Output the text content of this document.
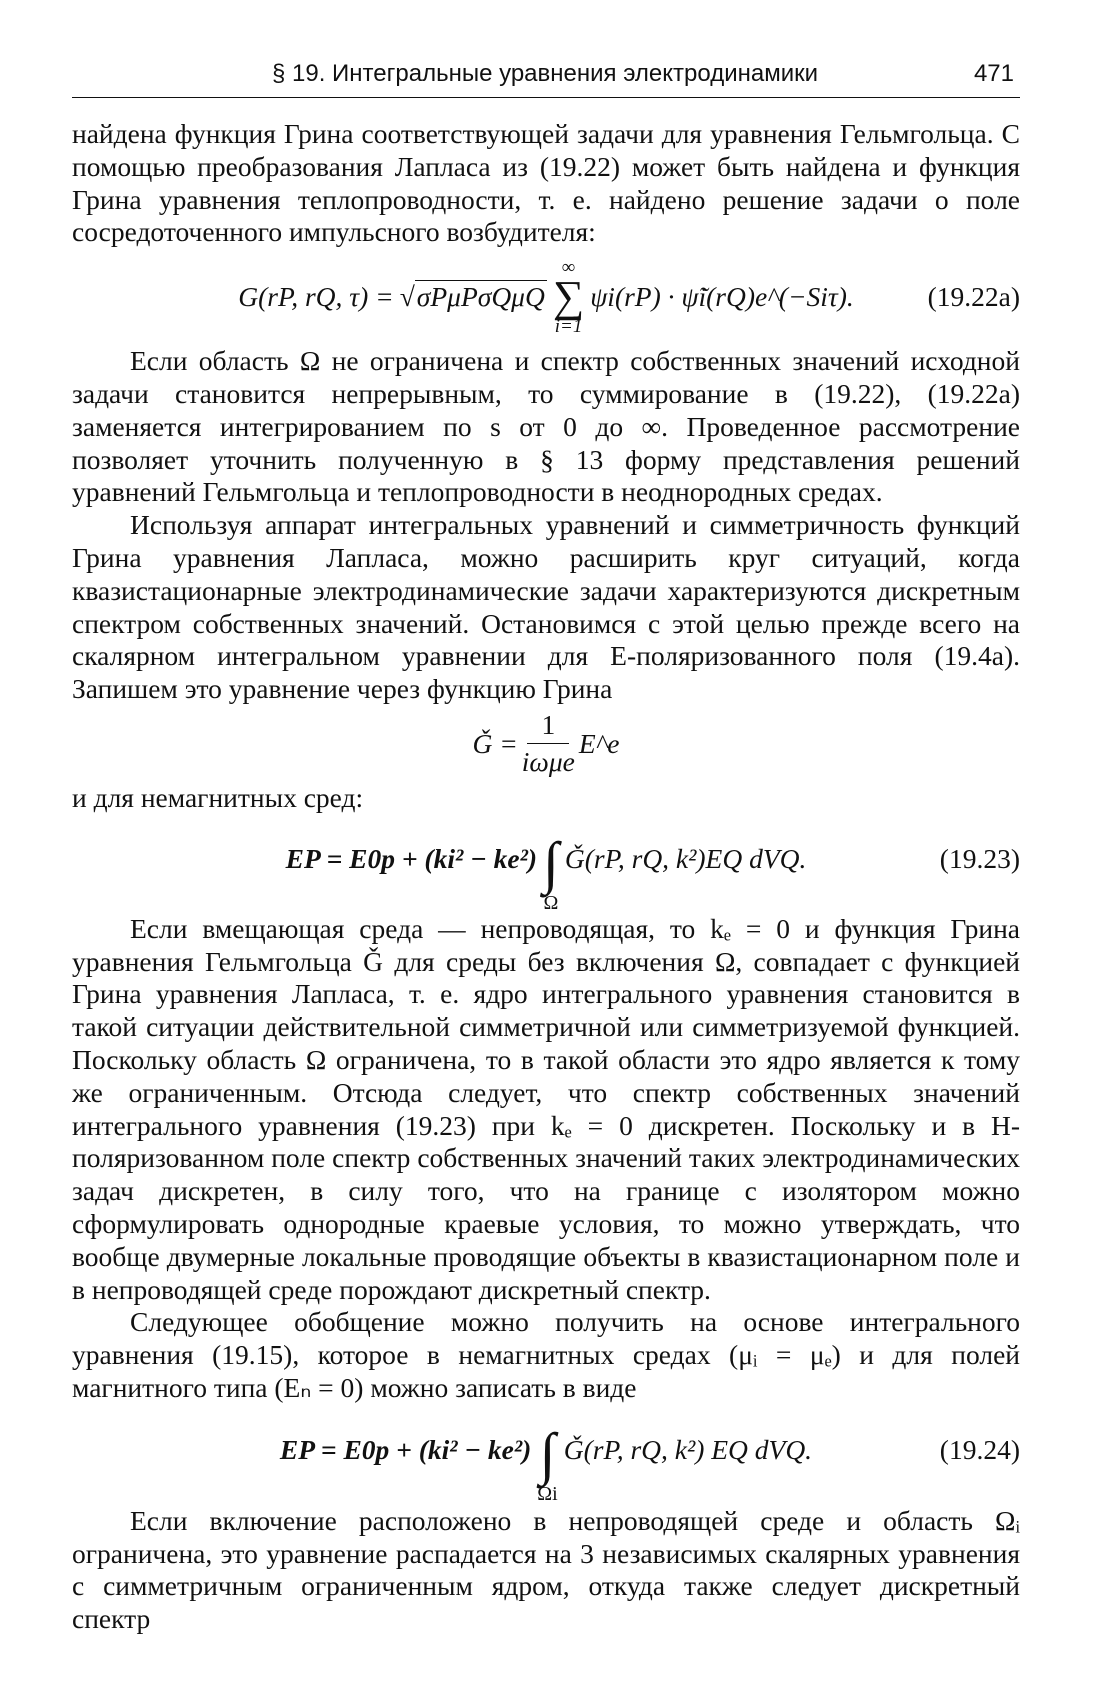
§ 19. Интегральные уравнения электродинамики	471

найдена функция Грина соответствующей задачи для уравнения Гельмгольца. С помощью преобразования Лапласа из (19.22) может быть найдена и функция Грина уравнения теплопроводности, т. е. найдено решение задачи о поле сосредоточенного импульсного возбудителя:

G(rP, rQ, τ) = √ σPμPσQμQ
∞
∑
i=1
ψi(rP) · ψ̃i(rQ)e^(−Siτ).	(19.22а)

Если область Ω не ограничена и спектр собственных значений исходной задачи становится непрерывным, то суммирование в (19.22), (19.22а) заменяется интегрированием по s от 0 до ∞. Проведенное рассмотрение позволяет уточнить полученную в § 13 форму представления решений уравнений Гельмгольца и теплопроводности в неоднородных средах.

Используя аппарат интегральных уравнений и симметричность функций Грина уравнения Лапласа, можно расширить круг ситуаций, когда квазистационарные электродинамические задачи характеризуются дискретным спектром собственных значений. Остановимся с этой целью прежде всего на скалярном интегральном уравнении для E-поляризованного поля (19.4а). Запишем это уравнение через функцию Грина

Ǧ = $\frac{1}{\text{iωμe}}$ E^e

и для немагнитных сред:

EP = E0p + (ki² − ke²) ∫
Ω
Ǧ(rP, rQ, k²)EQ dVQ.	(19.23)

Если вмещающая среда — непроводящая, то kₑ = 0 и функция Грина уравнения Гельмгольца Ǧ для среды без включения Ω, совпадает с функцией Грина уравнения Лапласа, т. е. ядро интегрального уравнения становится в такой ситуации действительной симметричной или симметризуемой функцией. Поскольку область Ω ограничена, то в такой области это ядро является к тому же ограниченным. Отсюда следует, что спектр собственных значений интегрального уравнения (19.23) при kₑ = 0 дискретен. Поскольку и в H-поляризованном поле спектр собственных значений таких электродинамических задач дискретен, в силу того, что на границе с изолятором можно сформулировать однородные краевые условия, то можно утверждать, что вообще двумерные локальные проводящие объекты в квазистационарном поле и в непроводящей среде порождают дискретный спектр.

Следующее обобщение можно получить на основе интегрального уравнения (19.15), которое в немагнитных средах (μᵢ = μₑ) и для полей магнитного типа (Eₙ = 0) можно записать в виде

EP = E0p + (ki² − ke²) ∫
Ωi
Ǧ(rP, rQ, k²) EQ dVQ.	(19.24)

Если включение расположено в непроводящей среде и область Ωᵢ ограничена, это уравнение распадается на 3 независимых скалярных уравнения с симметричным ограниченным ядром, откуда также следует дискретный спектр
